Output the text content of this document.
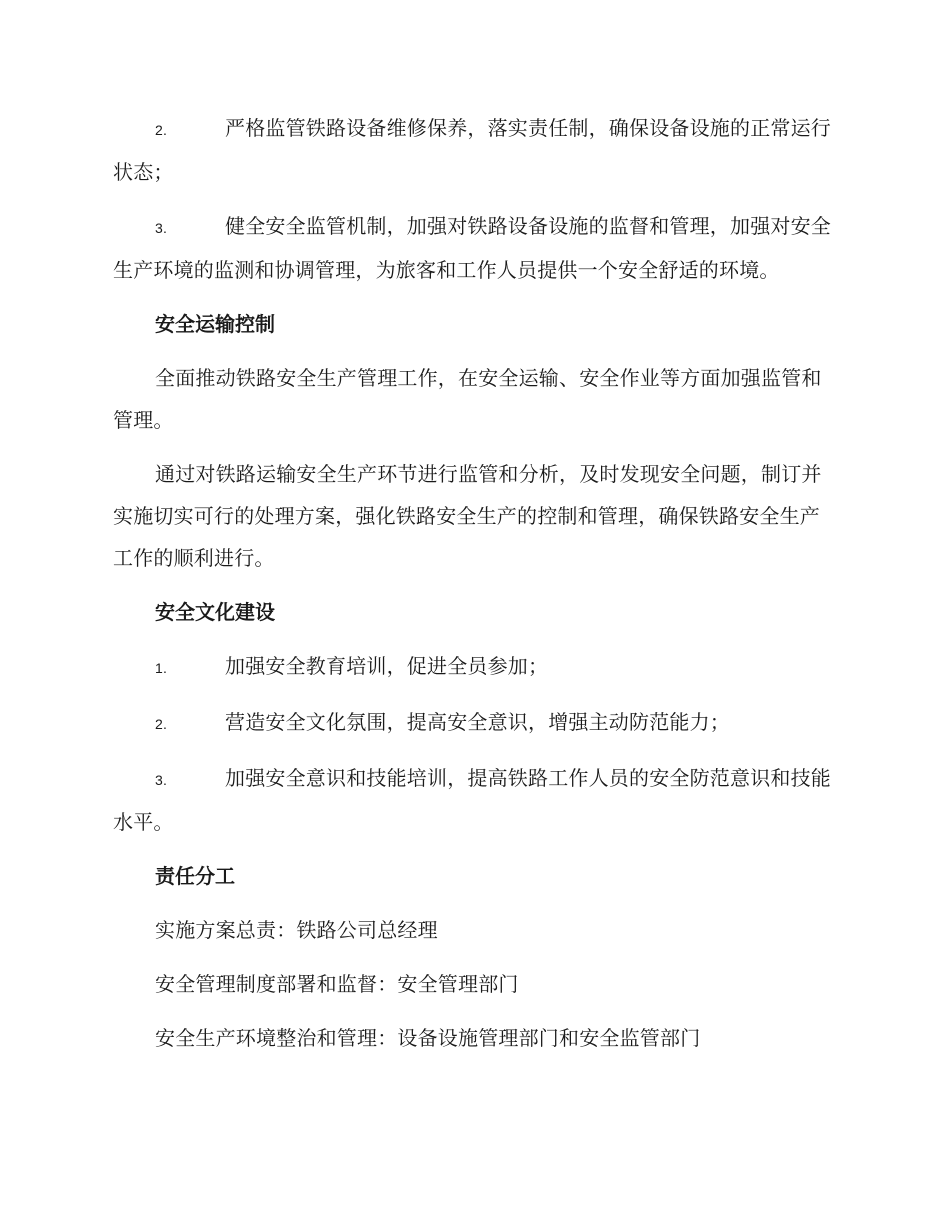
2.	严格监管铁路设备维修保养，落实责任制，确保设备设施的正常运行状态；

3.	健全安全监管机制，加强对铁路设备设施的监督和管理，加强对安全生产环境的监测和协调管理，为旅客和工作人员提供一个安全舒适的环境。

安全运输控制

全面推动铁路安全生产管理工作，在安全运输、安全作业等方面加强监管和管理。

通过对铁路运输安全生产环节进行监管和分析，及时发现安全问题，制订并实施切实可行的处理方案，强化铁路安全生产的控制和管理，确保铁路安全生产工作的顺利进行。

安全文化建设

1.	加强安全教育培训，促进全员参加；

2.	营造安全文化氛围，提高安全意识，增强主动防范能力；

3.	加强安全意识和技能培训，提高铁路工作人员的安全防范意识和技能水平。

责任分工

实施方案总责：铁路公司总经理

安全管理制度部署和监督：安全管理部门

安全生产环境整治和管理：设备设施管理部门和安全监管部门
